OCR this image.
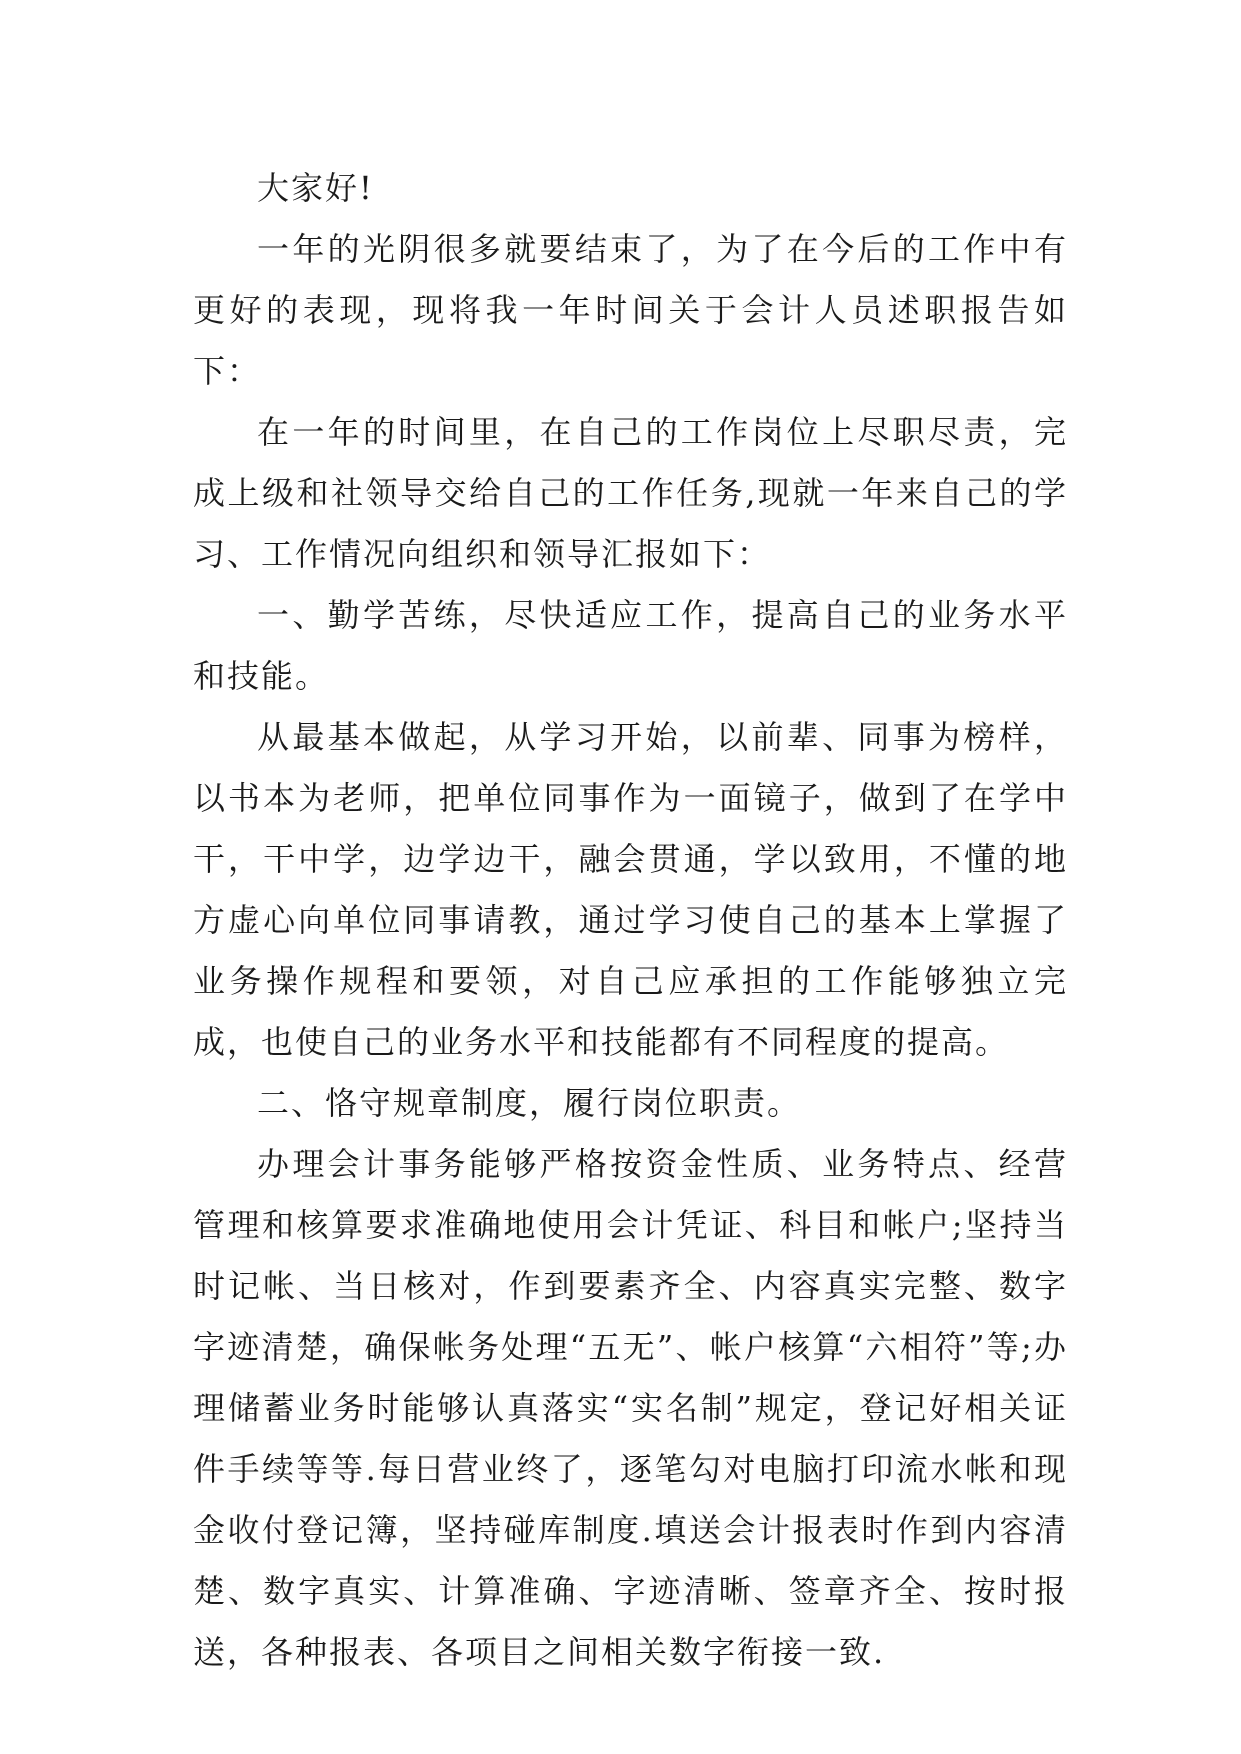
大家好!

一年的光阴很多就要结束了，为了在今后的工作中有更好的表现，现将我一年时间关于会计人员述职报告如下：

在一年的时间里，在自己的工作岗位上尽职尽责，完成上级和社领导交给自己的工作任务,现就一年来自己的学习、工作情况向组织和领导汇报如下：

一、勤学苦练，尽快适应工作，提高自己的业务水平和技能。

从最基本做起，从学习开始，以前辈、同事为榜样，以书本为老师，把单位同事作为一面镜子，做到了在学中干，干中学，边学边干，融会贯通，学以致用，不懂的地方虚心向单位同事请教，通过学习使自己的基本上掌握了业务操作规程和要领，对自己应承担的工作能够独立完成，也使自己的业务水平和技能都有不同程度的提高。

二、恪守规章制度，履行岗位职责。

办理会计事务能够严格按资金性质、业务特点、经营管理和核算要求准确地使用会计凭证、科目和帐户;坚持当时记帐、当日核对，作到要素齐全、内容真实完整、数字字迹清楚，确保帐务处理“五无”、帐户核算“六相符”等;办理储蓄业务时能够认真落实“实名制”规定，登记好相关证件手续等等.每日营业终了，逐笔勾对电脑打印流水帐和现金收付登记簿，坚持碰库制度.填送会计报表时作到内容清楚、数字真实、计算准确、字迹清晰、签章齐全、按时报送，各种报表、各项目之间相关数字衔接一致.
